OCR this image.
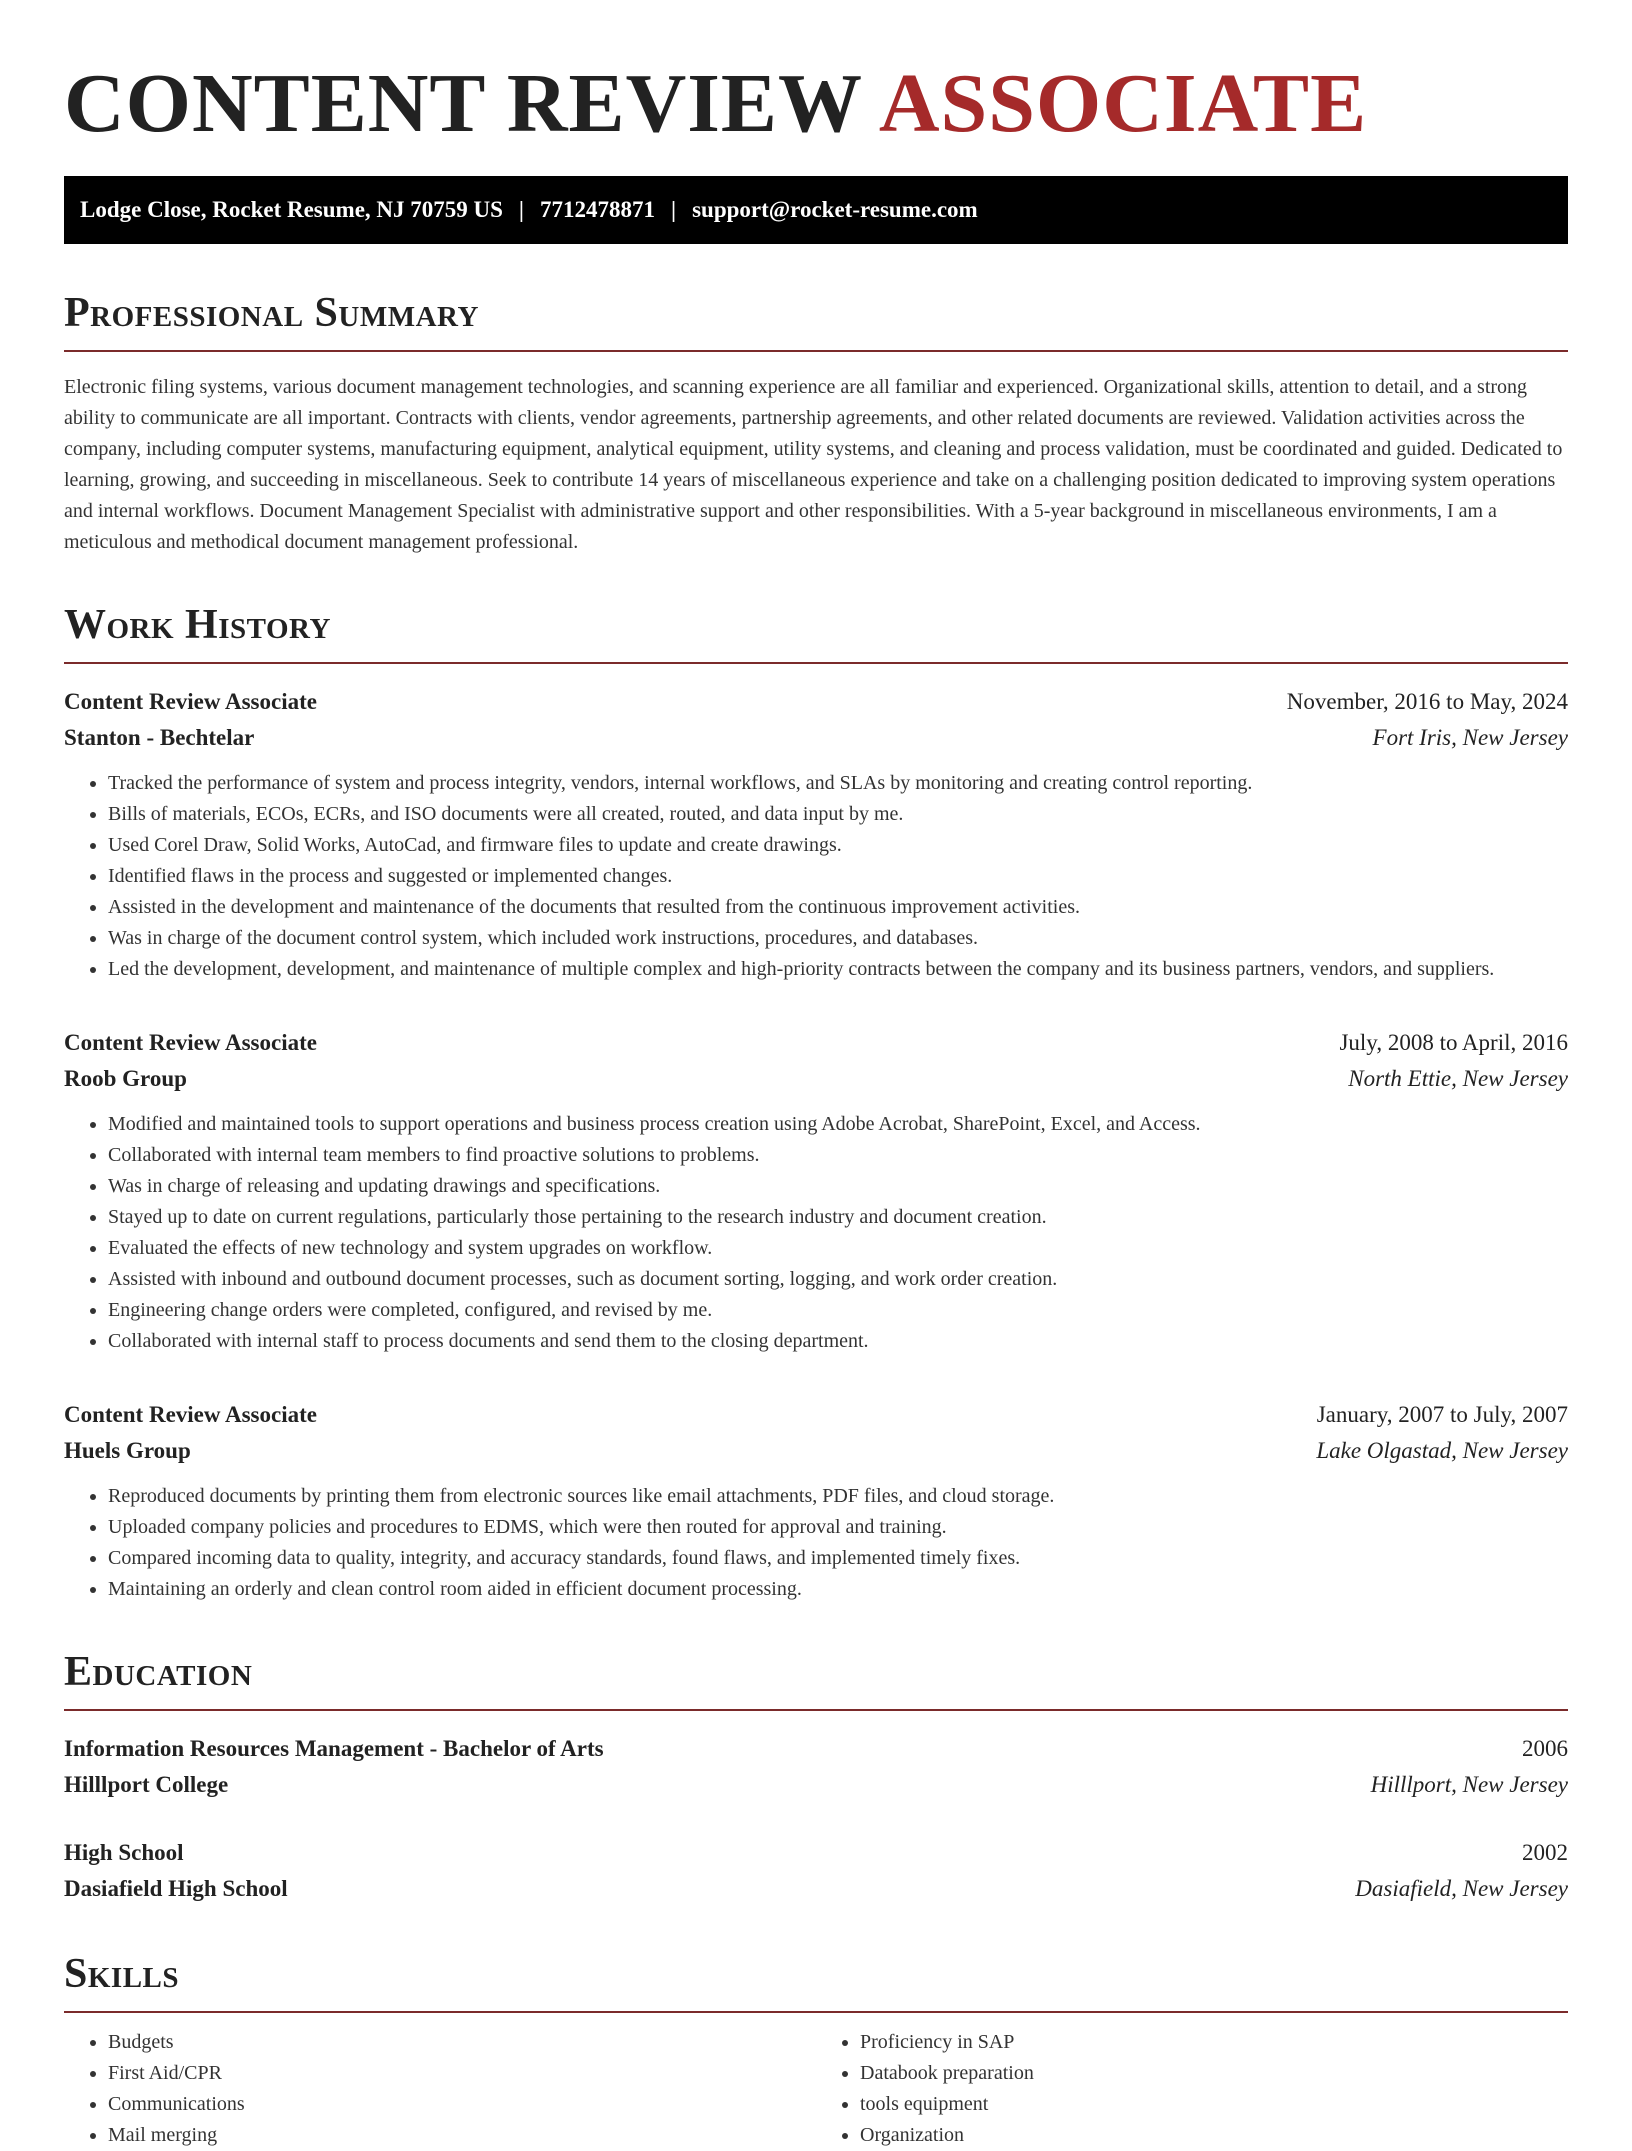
CONTENT REVIEW ASSOCIATE
Lodge Close, Rocket Resume, NJ 70759 US | 7712478871 | support@rocket-resume.com
Professional Summary

Electronic filing systems, various document management technologies, and scanning experience are all familiar and experienced. Organizational skills, attention to detail, and a strong ability to communicate are all important. Contracts with clients, vendor agreements, partnership agreements, and other related documents are reviewed. Validation activities across the company, including computer systems, manufacturing equipment, analytical equipment, utility systems, and cleaning and process validation, must be coordinated and guided. Dedicated to learning, growing, and succeeding in miscellaneous. Seek to contribute 14 years of miscellaneous experience and take on a challenging position dedicated to improving system operations and internal workflows. Document Management Specialist with administrative support and other responsibilities. With a 5-year background in miscellaneous environments, I am a meticulous and methodical document management professional.

Work History
Content Review Associate	November, 2016 to May, 2024
Stanton - Bechtelar	Fort Iris, New Jersey
• Tracked the performance of system and process integrity, vendors, internal workflows, and SLAs by monitoring and creating control reporting.
• Bills of materials, ECOs, ECRs, and ISO documents were all created, routed, and data input by me.
• Used Corel Draw, Solid Works, AutoCad, and firmware files to update and create drawings.
• Identified flaws in the process and suggested or implemented changes.
• Assisted in the development and maintenance of the documents that resulted from the continuous improvement activities.
• Was in charge of the document control system, which included work instructions, procedures, and databases.
• Led the development, development, and maintenance of multiple complex and high-priority contracts between the company and its business partners, vendors, and suppliers.
Content Review Associate	July, 2008 to April, 2016
Roob Group	North Ettie, New Jersey
• Modified and maintained tools to support operations and business process creation using Adobe Acrobat, SharePoint, Excel, and Access.
• Collaborated with internal team members to find proactive solutions to problems.
• Was in charge of releasing and updating drawings and specifications.
• Stayed up to date on current regulations, particularly those pertaining to the research industry and document creation.
• Evaluated the effects of new technology and system upgrades on workflow.
• Assisted with inbound and outbound document processes, such as document sorting, logging, and work order creation.
• Engineering change orders were completed, configured, and revised by me.
• Collaborated with internal staff to process documents and send them to the closing department.
Content Review Associate	January, 2007 to July, 2007
Huels Group	Lake Olgastad, New Jersey
• Reproduced documents by printing them from electronic sources like email attachments, PDF files, and cloud storage.
• Uploaded company policies and procedures to EDMS, which were then routed for approval and training.
• Compared incoming data to quality, integrity, and accuracy standards, found flaws, and implemented timely fixes.
• Maintaining an orderly and clean control room aided in efficient document processing.
Education
Information Resources Management - Bachelor of Arts	2006
Hilllport College	Hilllport, New Jersey
High School	2002
Dasiafield High School	Dasiafield, New Jersey
Skills
• Budgets
• First Aid/CPR
• Communications
• Mail merging
• Proficiency in SAP
• Databook preparation
• tools equipment
• Organization
